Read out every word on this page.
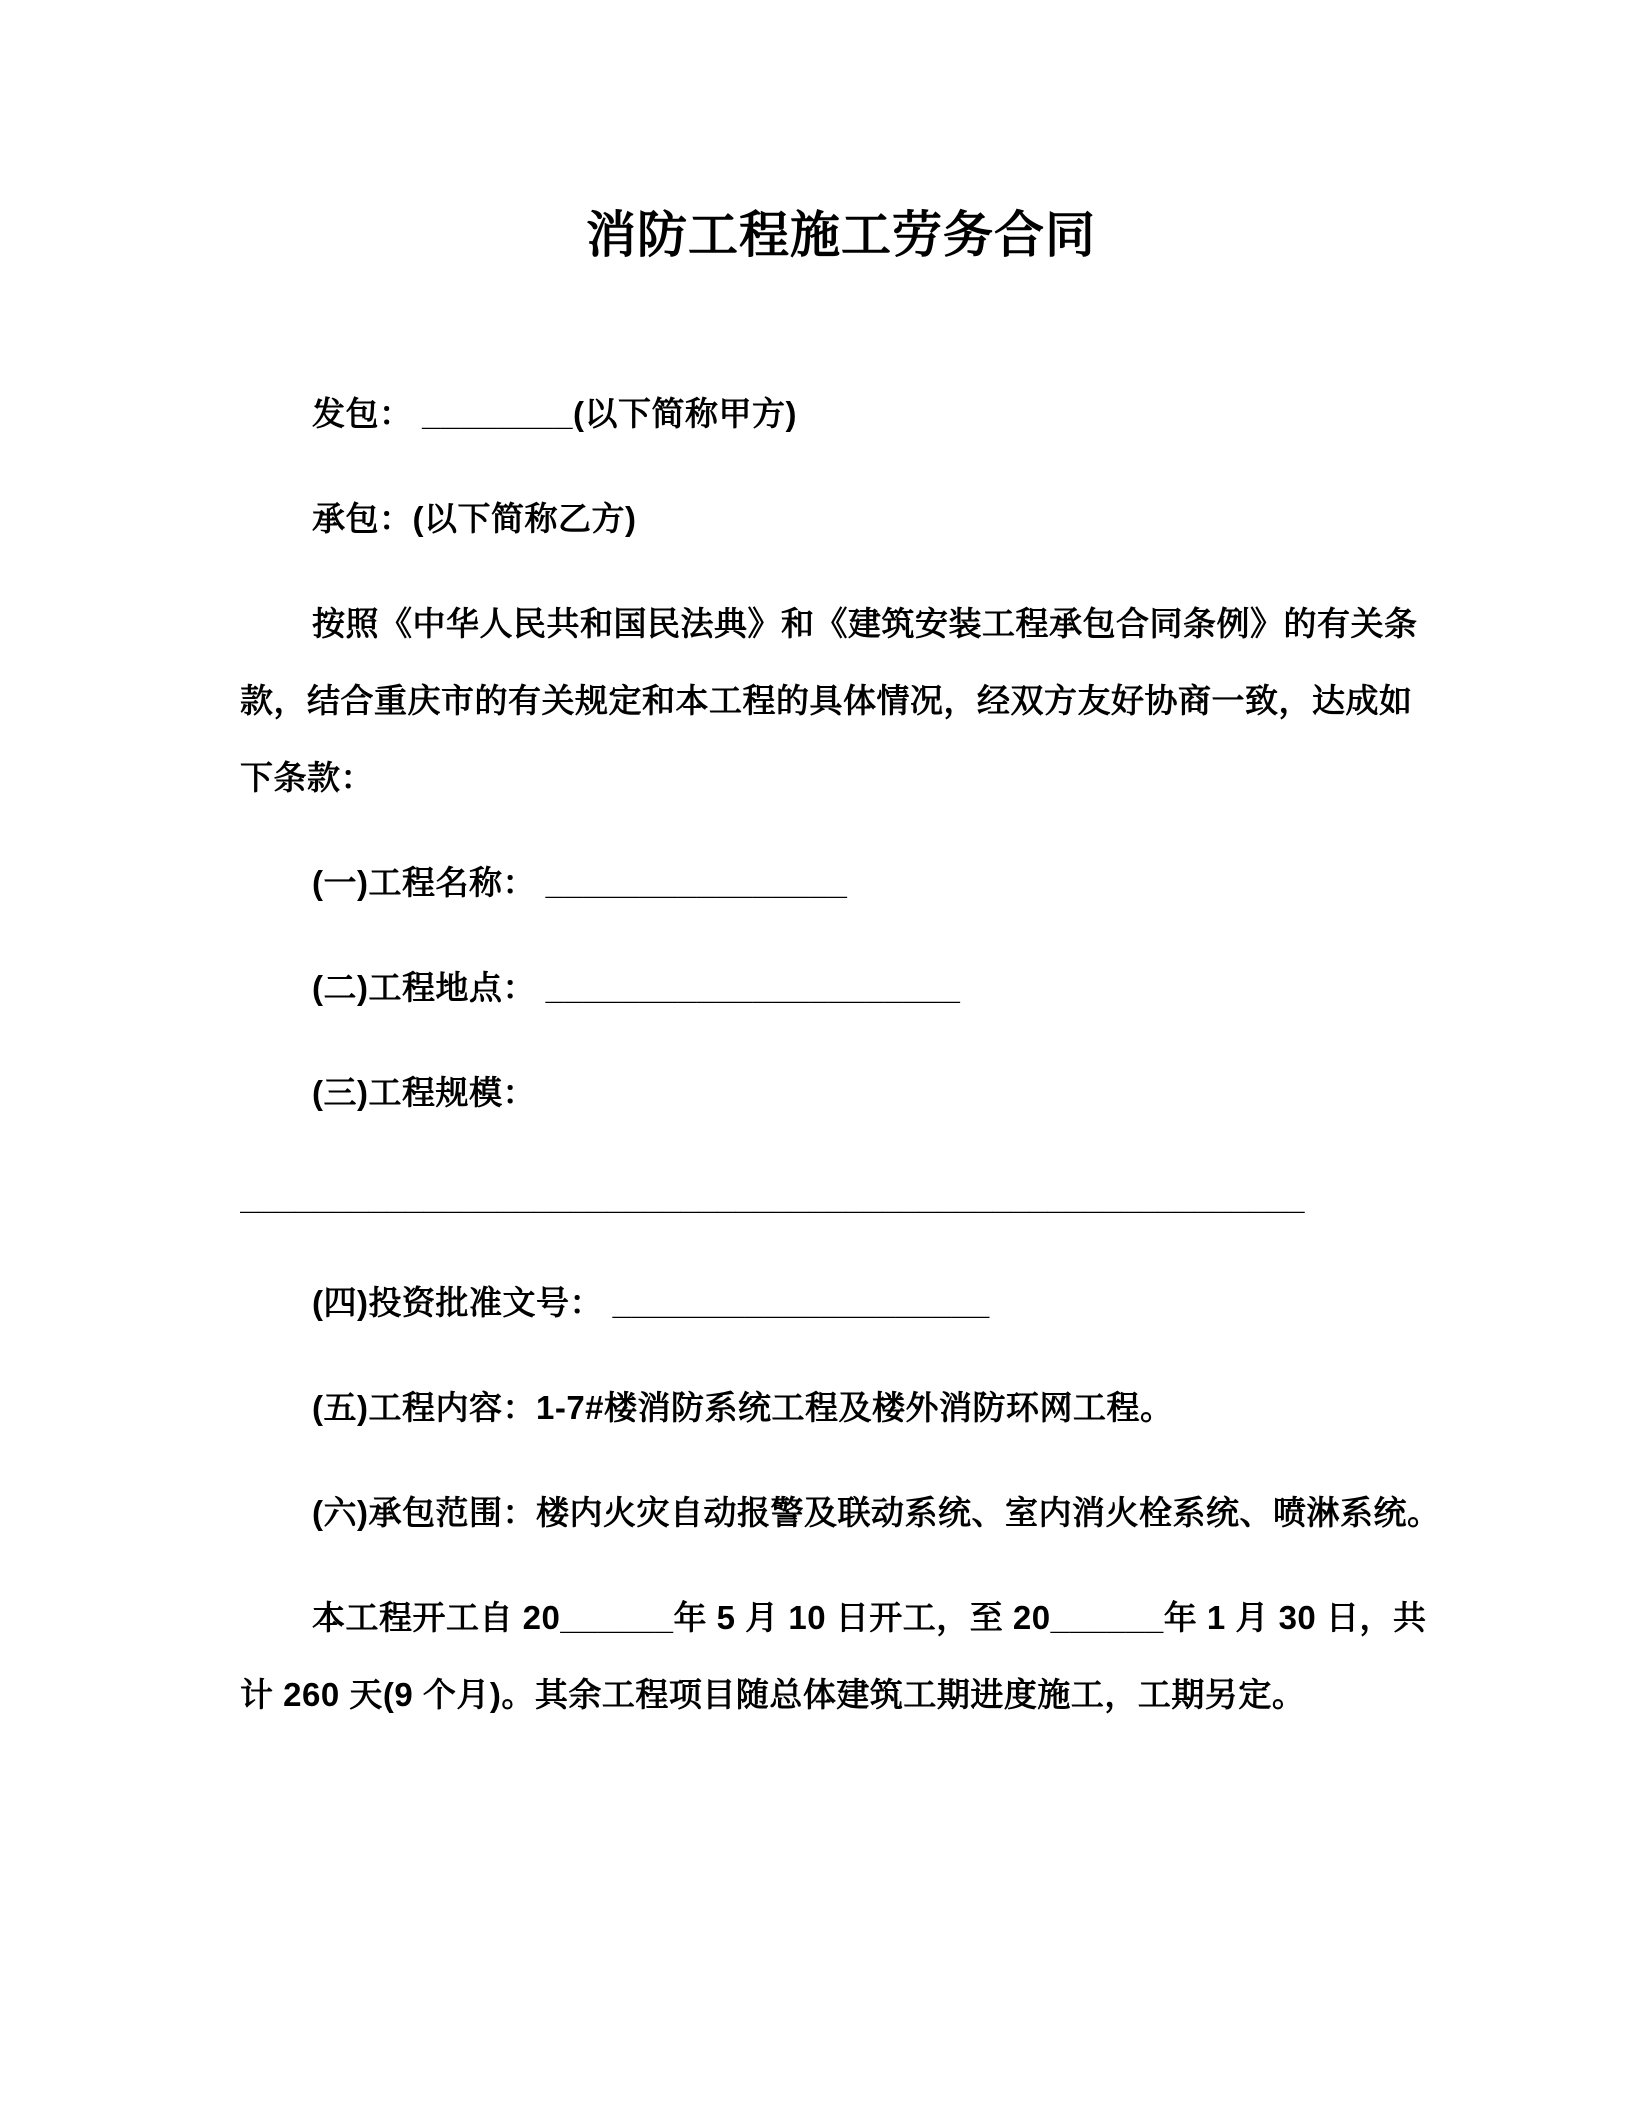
消防工程施工劳务合同

发包： ________(以下简称甲方)

承包：(以下简称乙方)

按照《中华人民共和国民法典》和《建筑安装工程承包合同条例》的有关条款，结合重庆市的有关规定和本工程的具体情况，经双方友好协商一致，达成如下条款：

(一)工程名称： ________________

(二)工程地点： ______________________

(三)工程规模：

__________________________________________________________

(四)投资批准文号： ____________________

(五)工程内容：1-7#楼消防系统工程及楼外消防环网工程。

(六)承包范围：楼内火灾自动报警及联动系统、室内消火栓系统、喷淋系统。

本工程开工自 20______年 5 月 10 日开工，至 20______年 1 月 30 日，共计 260 天(9 个月)。其余工程项目随总体建筑工期进度施工，工期另定。
